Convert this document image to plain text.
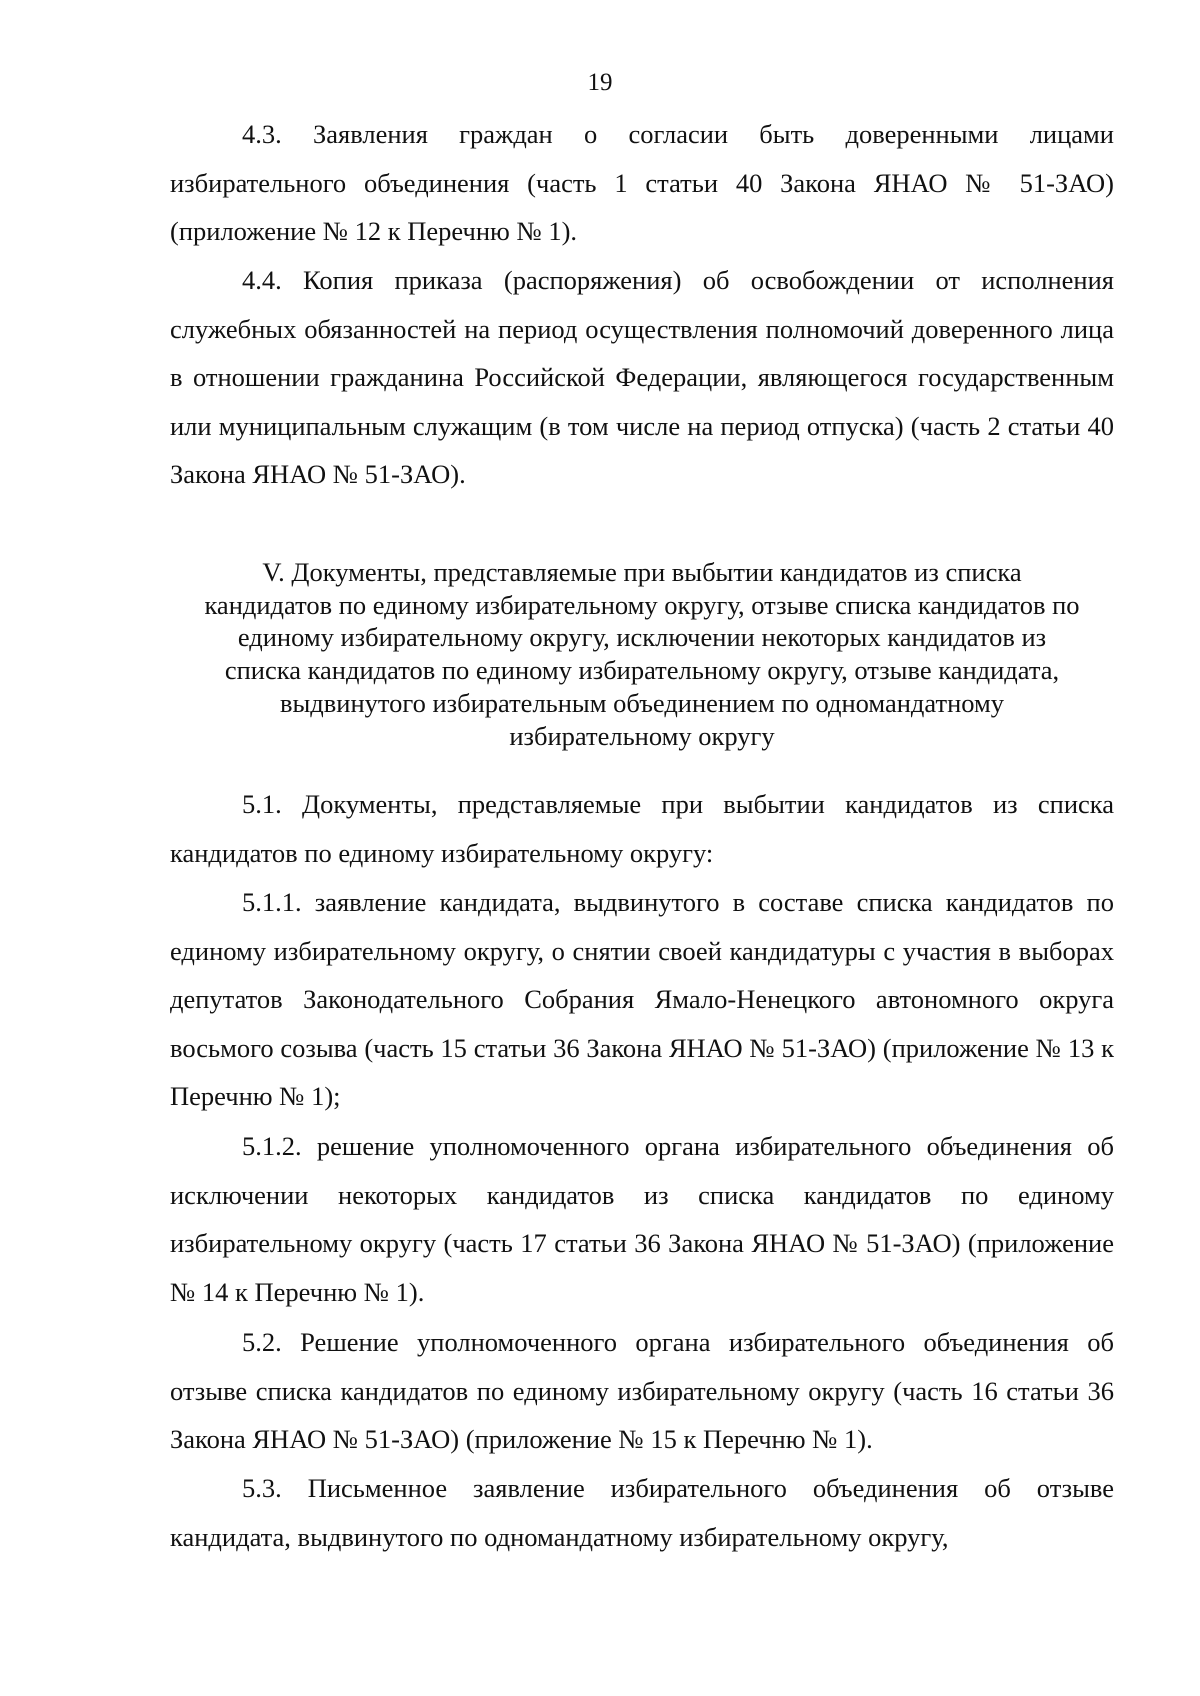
19

4.3. Заявления граждан о согласии быть доверенными лицами избирательного объединения (часть 1 статьи 40 Закона ЯНАО № 51-ЗАО) (приложение № 12 к Перечню № 1).

4.4. Копия приказа (распоряжения) об освобождении от исполнения служебных обязанностей на период осуществления полномочий доверенного лица в отношении гражданина Российской Федерации, являющегося государственным или муниципальным служащим (в том числе на период отпуска) (часть 2 статьи 40 Закона ЯНАО № 51-ЗАО).

V. Документы, представляемые при выбытии кандидатов из списка
кандидатов по единому избирательному округу, отзыве списка кандидатов по
единому избирательному округу, исключении некоторых кандидатов из
списка кандидатов по единому избирательному округу, отзыве кандидата,
выдвинутого избирательным объединением по одномандатному
избирательному округу

5.1. Документы, представляемые при выбытии кандидатов из списка кандидатов по единому избирательному округу:

5.1.1. заявление кандидата, выдвинутого в составе списка кандидатов по единому избирательному округу, о снятии своей кандидатуры с участия в выборах депутатов Законодательного Собрания Ямало-Ненецкого автономного округа восьмого созыва (часть 15 статьи 36 Закона ЯНАО № 51-ЗАО) (приложение № 13 к Перечню № 1);

5.1.2. решение уполномоченного органа избирательного объединения об исключении некоторых кандидатов из списка кандидатов по единому избирательному округу (часть 17 статьи 36 Закона ЯНАО № 51-ЗАО) (приложение № 14 к Перечню № 1).

5.2. Решение уполномоченного органа избирательного объединения об отзыве списка кандидатов по единому избирательному округу (часть 16 статьи 36 Закона ЯНАО № 51-ЗАО) (приложение № 15 к Перечню № 1).

5.3. Письменное заявление избирательного объединения об отзыве кандидата, выдвинутого по одномандатному избирательному округу,
